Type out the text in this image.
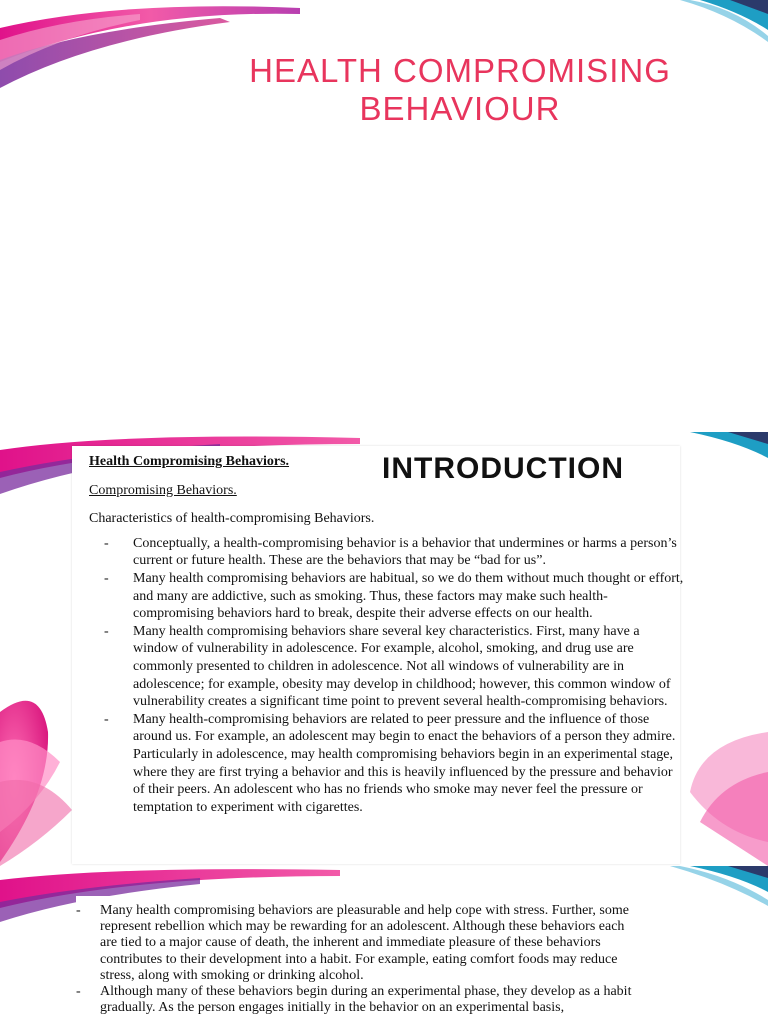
HEALTH COMPROMISING
BEHAVIOUR

Health Compromising Behaviors.

Compromising Behaviors.

Characteristics of health-compromising Behaviors.

- Conceptually, a health-compromising behavior is a behavior that undermines or harms a person’s current or future health. These are the behaviors that may be “bad for us”.
- Many health compromising behaviors are habitual, so we do them without much thought or effort, and many are addictive, such as smoking. Thus, these factors may make such health-compromising behaviors hard to break, despite their adverse effects on our health.
- Many health compromising behaviors share several key characteristics. First, many have a window of vulnerability in adolescence. For example, alcohol, smoking, and drug use are commonly presented to children in adolescence. Not all windows of vulnerability are in adolescence; for example, obesity may develop in childhood; however, this common window of vulnerability creates a significant time point to prevent several health-compromising behaviors.
- Many health-compromising behaviors are related to peer pressure and the influence of those around us. For example, an adolescent may begin to enact the behaviors of a person they admire. Particularly in adolescence, may health compromising behaviors begin in an experimental stage, where they are first trying a behavior and this is heavily influenced by the pressure and behavior of their peers. An adolescent who has no friends who smoke may never feel the pressure or temptation to experiment with cigarettes.
INTRODUCTION
- Many health compromising behaviors are pleasurable and help cope with stress. Further, some represent rebellion which may be rewarding for an adolescent. Although these behaviors each are tied to a major cause of death, the inherent and immediate pleasure of these behaviors contributes to their development into a habit. For example, eating comfort foods may reduce stress, along with smoking or drinking alcohol.
- Although many of these behaviors begin during an experimental phase, they develop as a habit gradually. As the person engages initially in the behavior on an experimental basis,
